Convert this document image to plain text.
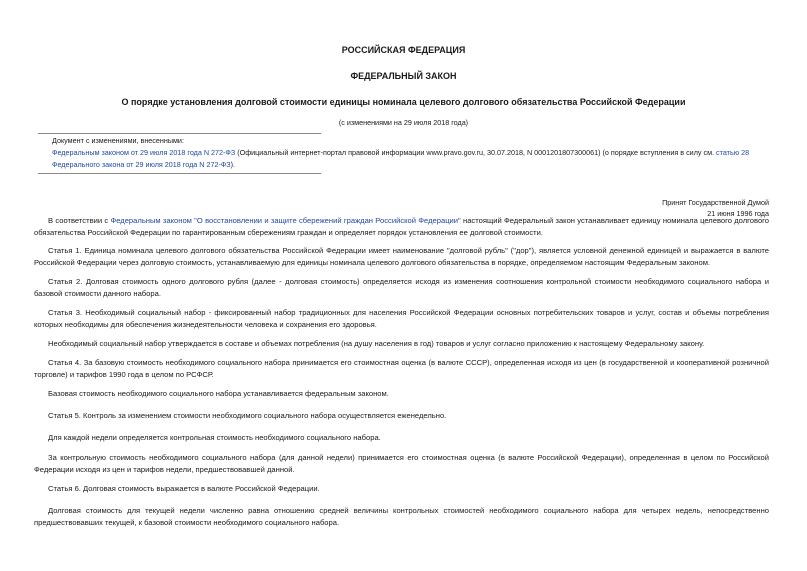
РОССИЙСКАЯ ФЕДЕРАЦИЯ
ФЕДЕРАЛЬНЫЙ ЗАКОН
О порядке установления долговой стоимости единицы номинала целевого долгового обязательства Российской Федерации
(с изменениями на 29 июля 2018 года)
Документ с изменениями, внесенными:
Федеральным законом от 29 июля 2018 года N 272-ФЗ (Официальный интернет-портал правовой информации www.pravo.gov.ru, 30.07.2018, N 0001201807300061) (о порядке вступления в силу см. статью 28 Федерального закона от 29 июля 2018 года N 272-ФЗ).
Принят Государственной Думой
21 июня 1996 года

В соответствии с Федеральным законом "О восстановлении и защите сбережений граждан Российской Федерации" настоящий Федеральный закон устанавливает единицу номинала целевого долгового обязательства Российской Федерации по гарантированным сбережениям граждан и определяет порядок установления ее долговой стоимости.

Статья 1. Единица номинала целевого долгового обязательства Российской Федерации имеет наименование "долговой рубль" ("дор"), является условной денежной единицей и выражается в валюте Российской Федерации через долговую стоимость, устанавливаемую для единицы номинала целевого долгового обязательства в порядке, определяемом настоящим Федеральным законом.

Статья 2. Долговая стоимость одного долгового рубля (далее - долговая стоимость) определяется исходя из изменения соотношения контрольной стоимости необходимого социального набора и базовой стоимости данного набора.

Статья 3. Необходимый социальный набор - фиксированный набор традиционных для населения Российской Федерации основных потребительских товаров и услуг, состав и объемы потребления которых необходимы для обеспечения жизнедеятельности человека и сохранения его здоровья.

Необходимый социальный набор утверждается в составе и объемах потребления (на душу населения в год) товаров и услуг согласно приложению к настоящему Федеральному закону.

Статья 4. За базовую стоимость необходимого социального набора принимается его стоимостная оценка (в валюте СССР), определенная исходя из цен (в государственной и кооперативной розничной торговле) и тарифов 1990 года в целом по РСФСР.

Базовая стоимость необходимого социального набора устанавливается федеральным законом.

Статья 5. Контроль за изменением стоимости необходимого социального набора осуществляется еженедельно.

Для каждой недели определяется контрольная стоимость необходимого социального набора.

За контрольную стоимость необходимого социального набора (для данной недели) принимается его стоимостная оценка (в валюте Российской Федерации), определенная в целом по Российской Федерации исходя из цен и тарифов недели, предшествовавшей данной.

Статья 6. Долговая стоимость выражается в валюте Российской Федерации.

Долговая стоимость для текущей недели численно равна отношению средней величины контрольных стоимостей необходимого социального набора для четырех недель, непосредственно предшествовавших текущей, к базовой стоимости необходимого социального набора.
